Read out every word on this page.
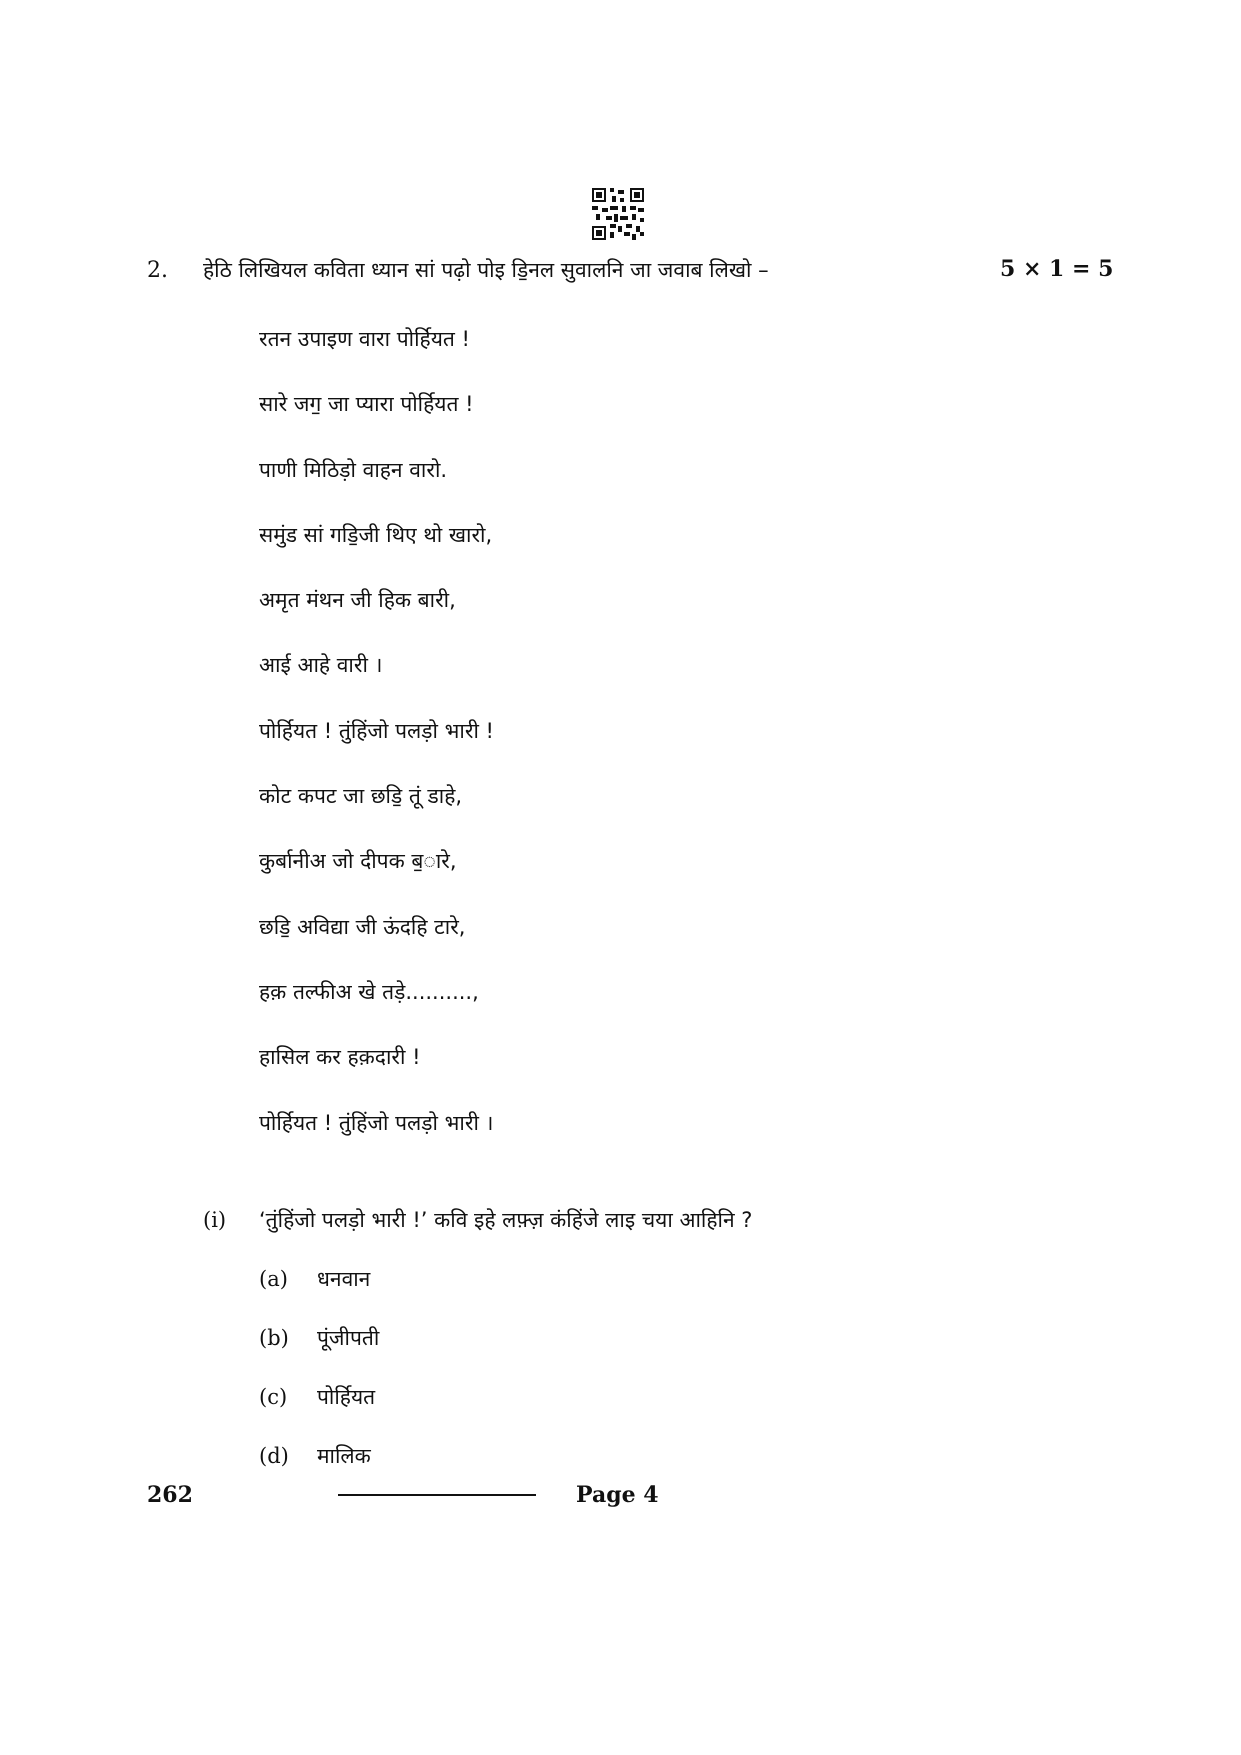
2. हेठि लिखियल कविता ध्यान सां पढ़ो पोइ डि॒नल सुवालनि जा जवाब लिखो –	5 × 1 = 5
रतन उपाइण वारा पोर्हियत !
सारे जग॒ जा प्यारा पोर्हियत !
पाणी मिठिड़ो वाहन वारो.
समुंड सां गडि॒जी थिए थो खारो,
अमृत मंथन जी हिक बारी,
आई आहे वारी ।
पोर्हियत ! तुंहिंजो पलड़ो भारी !
कोट कपट जा छडि॒ तूं डाहे,
कुर्बानीअ जो दीपक ब॒ारे,
छडि॒ अविद्या जी ऊंदहि टारे,
हक़ तल्फीअ खे तड़े..........,
हासिल कर हक़दारी !
पोर्हियत ! तुंहिंजो पलड़ो भारी ।
(i) ‘तुंहिंजो पलड़ो भारी !’ कवि इहे लफ़्ज़ कंहिंजे लाइ चया आहिनि ?
(a) धनवान
(b) पूंजीपती
(c) पोर्हियत
(d) मालिक
262	Page 4
